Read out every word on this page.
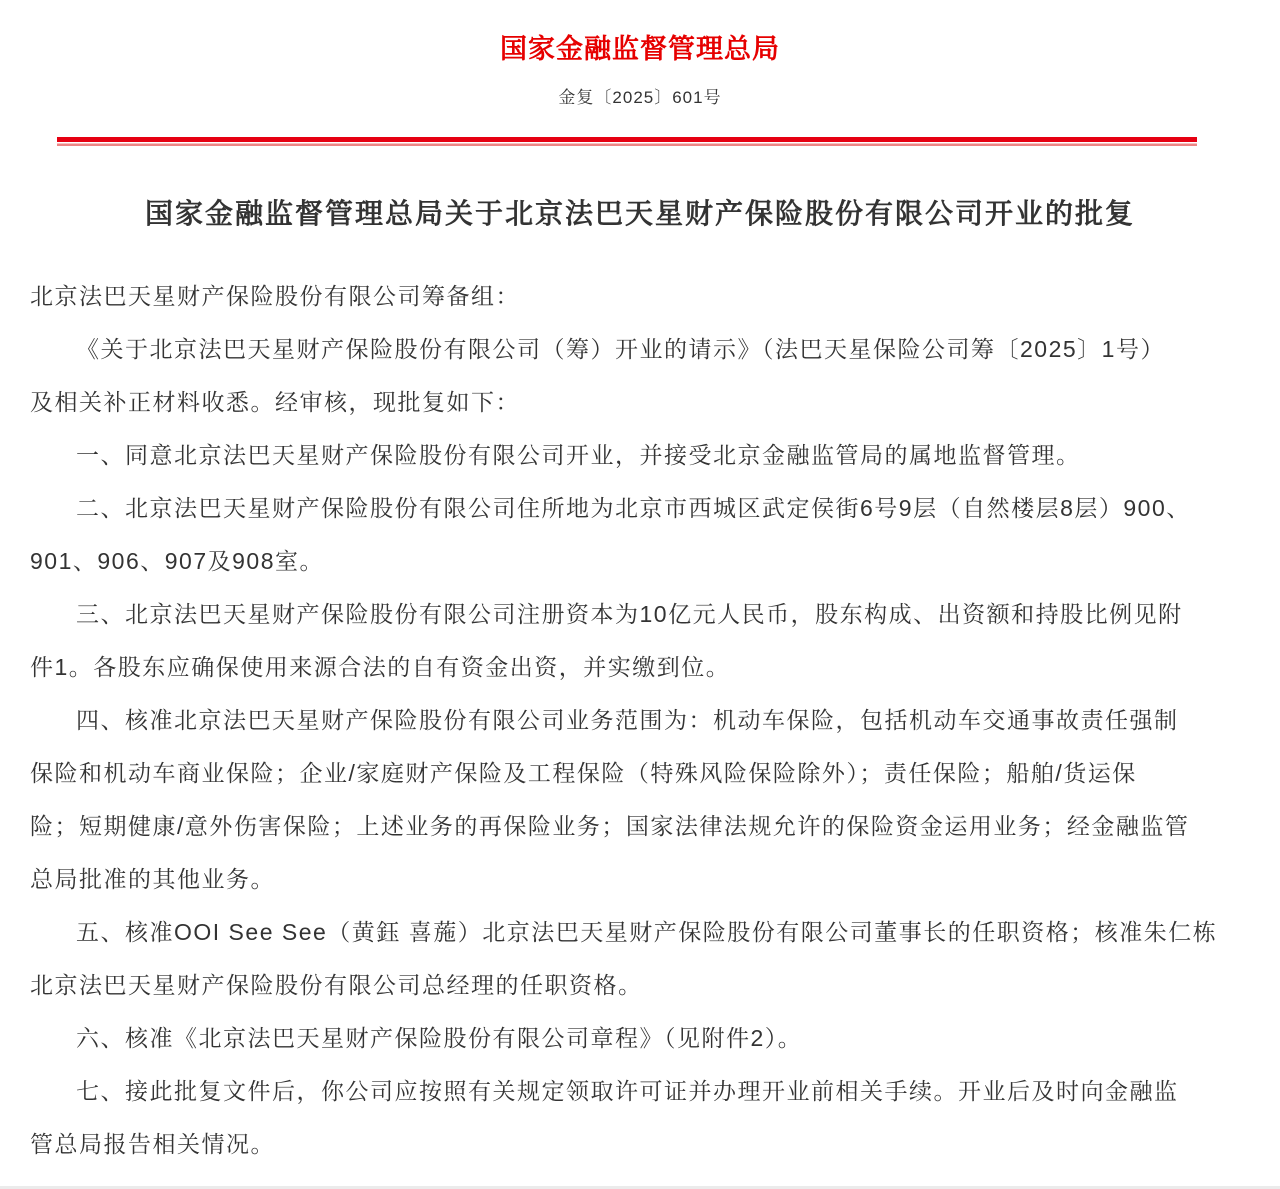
国家金融监督管理总局
金复〔2025〕601号
国家金融监督管理总局关于北京法巴天星财产保险股份有限公司开业的批复
北京法巴天星财产保险股份有限公司筹备组：
《关于北京法巴天星财产保险股份有限公司（筹）开业的请示》（法巴天星保险公司筹〔2025〕1号）
及相关补正材料收悉。经审核，现批复如下：
一、同意北京法巴天星财产保险股份有限公司开业，并接受北京金融监管局的属地监督管理。
二、北京法巴天星财产保险股份有限公司住所地为北京市西城区武定侯街6号9层（自然楼层8层）900、
901、906、907及908室。
三、北京法巴天星财产保险股份有限公司注册资本为10亿元人民币，股东构成、出资额和持股比例见附
件1。各股东应确保使用来源合法的自有资金出资，并实缴到位。
四、核准北京法巴天星财产保险股份有限公司业务范围为：机动车保险，包括机动车交通事故责任强制
保险和机动车商业保险；企业/家庭财产保险及工程保险（特殊风险保险除外）；责任保险；船舶/货运保
险；短期健康/意外伤害保险；上述业务的再保险业务；国家法律法规允许的保险资金运用业务；经金融监管
总局批准的其他业务。
五、核准OOI See See（黄鈺 喜葹）北京法巴天星财产保险股份有限公司董事长的任职资格；核准朱仁栋
北京法巴天星财产保险股份有限公司总经理的任职资格。
六、核准《北京法巴天星财产保险股份有限公司章程》（见附件2）。
七、接此批复文件后，你公司应按照有关规定领取许可证并办理开业前相关手续。开业后及时向金融监
管总局报告相关情况。
